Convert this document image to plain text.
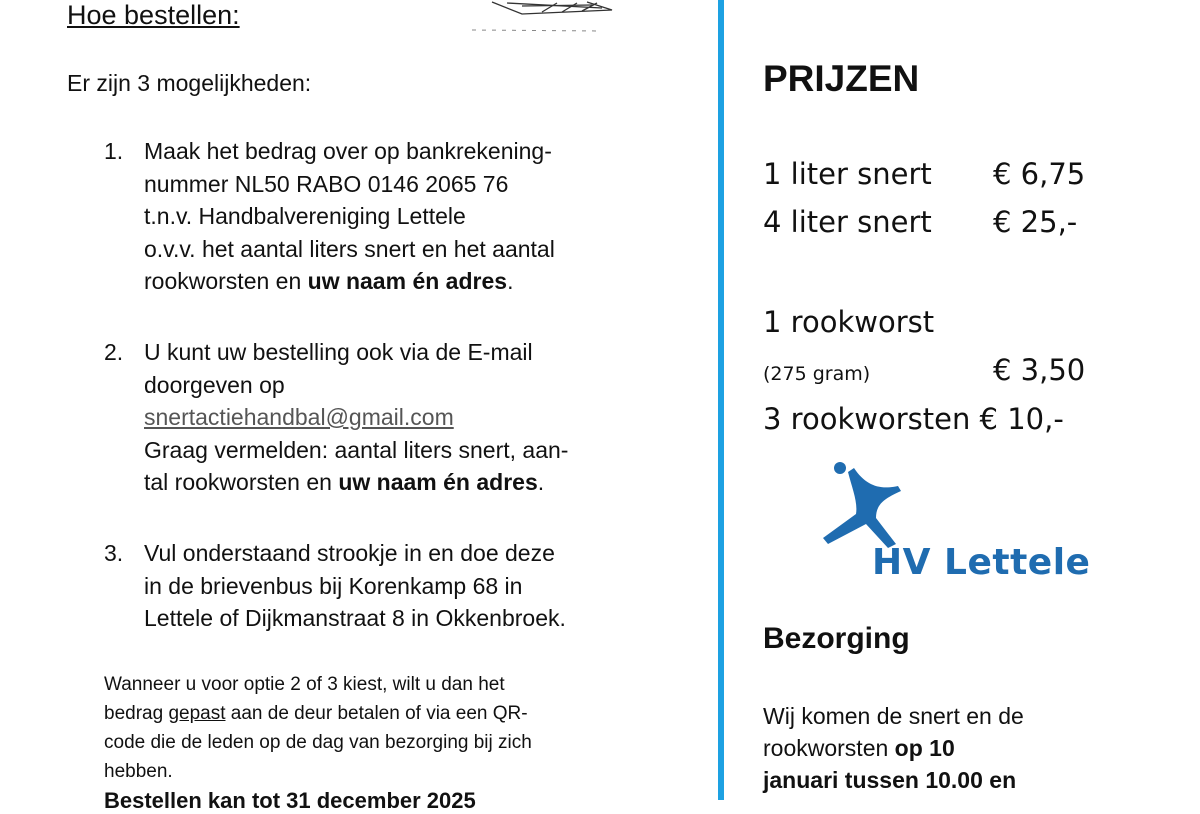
Hoe bestellen:
Er zijn 3 mogelijkheden:
1. Maak het bedrag over op bankrekening-
nummer NL50 RABO 0146 2065 76
t.n.v. Handbalvereniging Lettele
o.v.v. het aantal liters snert en het aantal
rookworsten en uw naam én adres.
2. U kunt uw bestelling ook via de E-mail
doorgeven op
snertactiehandbal@gmail.com
Graag vermelden: aantal liters snert, aan-
tal rookworsten en uw naam én adres.
3. Vul onderstaand strookje in en doe deze
in de brievenbus bij Korenkamp 68 in
Lettele of Dijkmanstraat 8 in Okkenbroek.
Wanneer u voor optie 2 of 3 kiest, wilt u dan het
bedrag gepast aan de deur betalen of via een QR-
code die de leden op de dag van bezorging bij zich
hebben.
Bestellen kan tot 31 december 2025
PRIJZEN
1 liter snert € 6,75
4 liter snert € 25,-
1 rookworst
(275 gram)	€ 3,50
3 rookworsten € 10,-
HV Lettele
Bezorging
Wij komen de snert en de
rookworsten op 10
januari tussen 10.00 en
